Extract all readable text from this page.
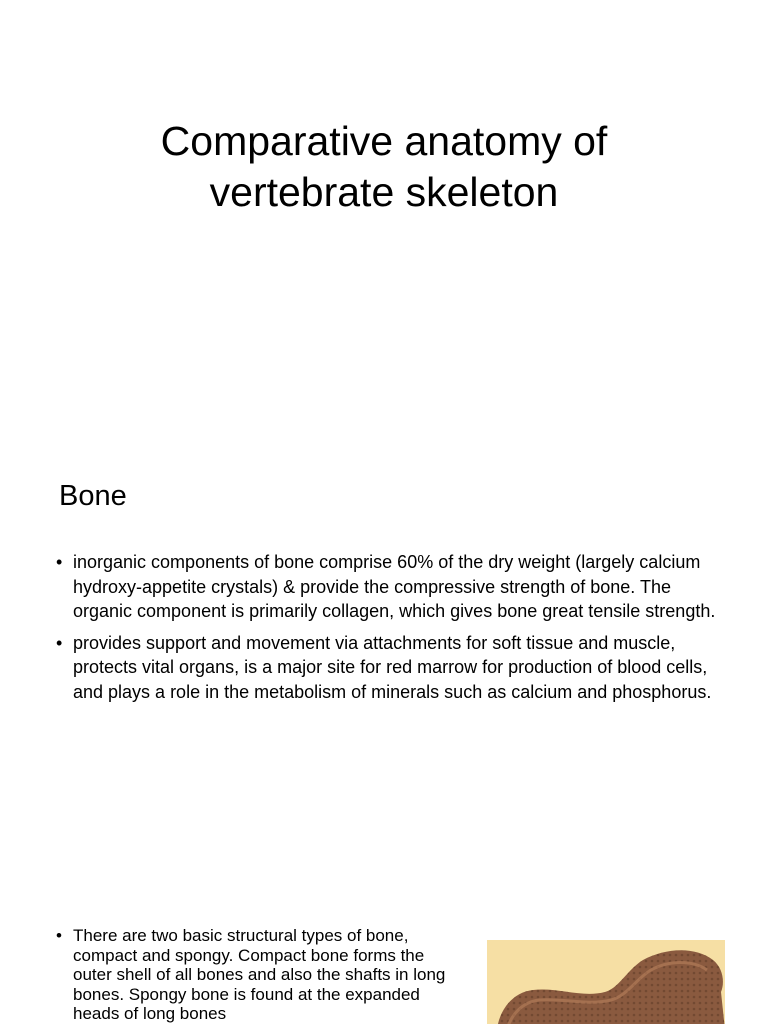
Comparative anatomy of
vertebrate skeleton
Bone
• inorganic components of bone comprise 60% of the dry weight (largely calcium hydroxy-appetite crystals) & provide the compressive strength of bone. The organic component is primarily collagen, which gives bone great tensile strength.
• provides support and movement via attachments for soft tissue and muscle, protects vital organs, is a major site for red marrow for production of blood cells, and plays a role in the metabolism of minerals such as calcium and phosphorus.
• There are two basic structural types of bone, compact and spongy. Compact bone forms the outer shell of all bones and also the shafts in long bones. Spongy bone is found at the expanded heads of long bones
